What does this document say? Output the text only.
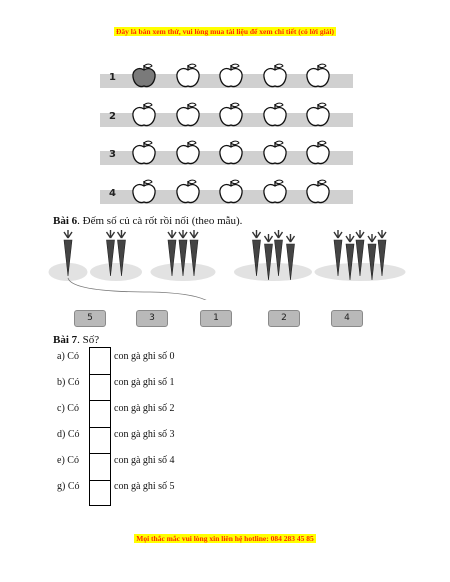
Đây là bản xem thử, vui lòng mua tài liệu để xem chi tiết (có lời giải)
1
2
3
4
Bài 6. Đếm số củ cà rốt rồi nối (theo mẫu).
5	3	1	2	4
Bài 7. Số?
a) Có	con gà ghi số 0
b) Có	con gà ghi số 1
c) Có	con gà ghi số 2
d) Có	con gà ghi số 3
e) Có	con gà ghi số 4
g) Có	con gà ghi số 5
Mọi thắc mắc vui lòng xin liên hệ hotline: 084 283 45 85
